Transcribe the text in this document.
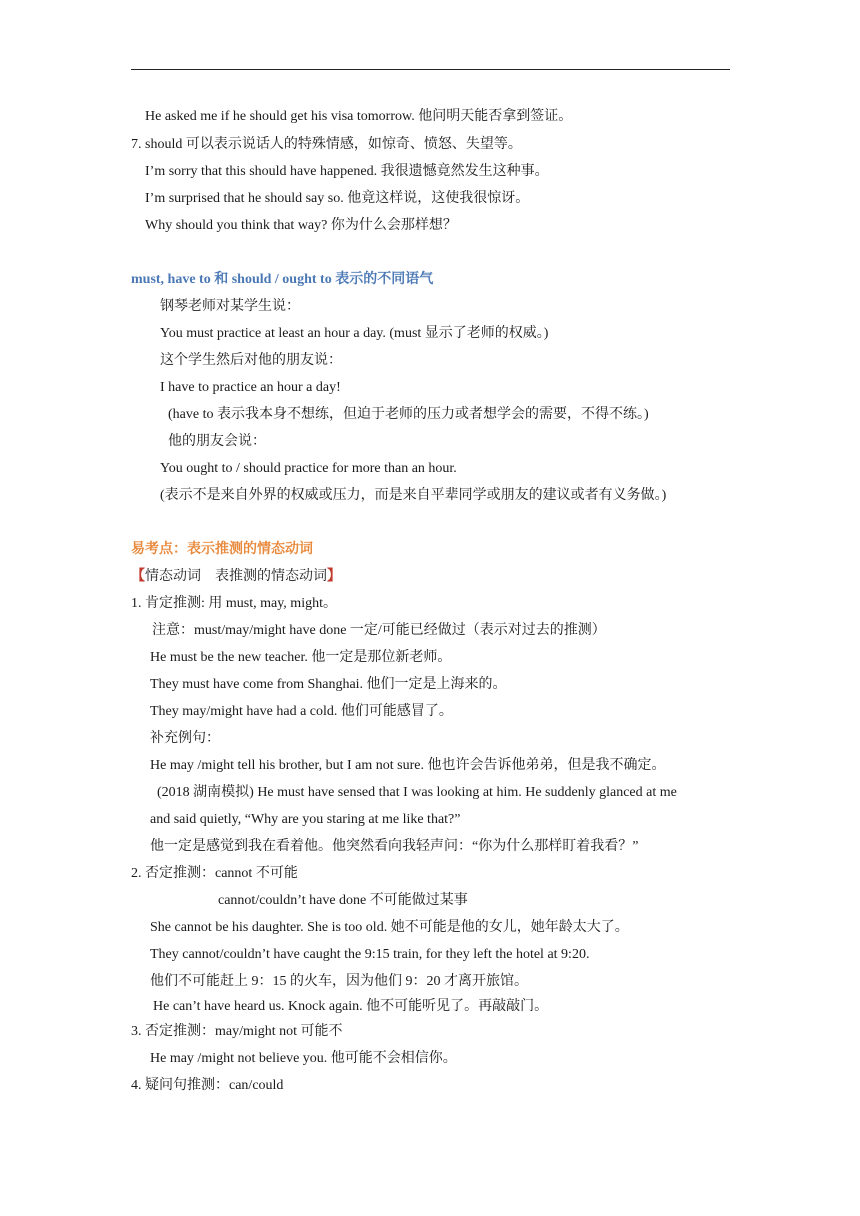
He asked me if he should get his visa tomorrow. 他问明天能否拿到签证。
7. should 可以表示说话人的特殊情感，如惊奇、愤怒、失望等。
I’m sorry that this should have happened. 我很遗憾竟然发生这种事。
I’m surprised that he should say so. 他竟这样说，这使我很惊讶。
Why should you think that way? 你为什么会那样想？
must, have to 和 should / ought to 表示的不同语气
钢琴老师对某学生说：
You must practice at least an hour a day. (must 显示了老师的权威。)
这个学生然后对他的朋友说：
I have to practice an hour a day!
(have to 表示我本身不想练，但迫于老师的压力或者想学会的需要，不得不练。)
他的朋友会说：
You ought to / should practice for more than an hour.
(表示不是来自外界的权威或压力，而是来自平辈同学或朋友的建议或者有义务做。)
易考点：表示推测的情态动词
【情态动词　表推测的情态动词】
1. 肯定推测: 用 must, may, might。
注意：must/may/might have done 一定/可能已经做过（表示对过去的推测）
He must be the new teacher. 他一定是那位新老师。
They must have come from Shanghai. 他们一定是上海来的。
They may/might have had a cold. 他们可能感冒了。
补充例句：
He may /might tell his brother, but I am not sure. 他也许会告诉他弟弟，但是我不确定。
(2018 湖南模拟) He must have sensed that I was looking at him. He suddenly glanced at me
and said quietly, “Why are you staring at me like that?”
他一定是感觉到我在看着他。他突然看向我轻声问：“你为什么那样盯着我看？”
2. 否定推测：cannot 不可能
cannot/couldn’t have done 不可能做过某事
She cannot be his daughter. She is too old. 她不可能是他的女儿，她年龄太大了。
They cannot/couldn’t have caught the 9:15 train, for they left the hotel at 9:20.
他们不可能赶上 9：15 的火车，因为他们 9：20 才离开旅馆。
He can’t have heard us. Knock again. 他不可能听见了。再敲敲门。
3. 否定推测：may/might not 可能不
He may /might not believe you. 他可能不会相信你。
4. 疑问句推测：can/could
